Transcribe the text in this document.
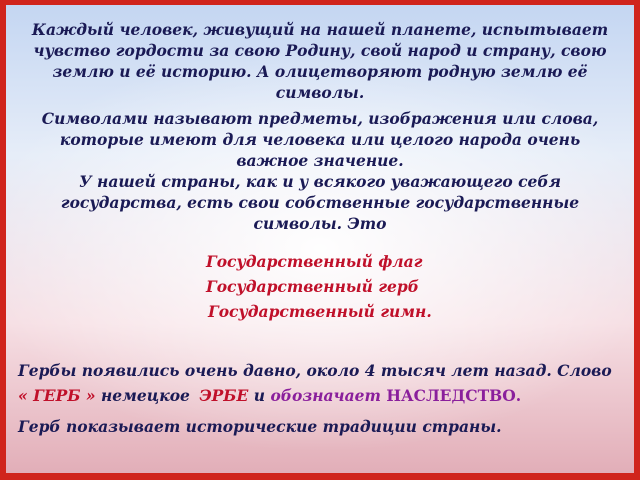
Каждый человек, живущий на нашей планете, испытывает чувство гордости за свою Родину, свой народ и страну, свою землю и её историю. А олицетворяют родную землю её символы.

Символами называют предметы, изображения или слова, которые имеют для человека или целого народа очень важное значение.
У нашей страны, как и у всякого уважающего себя государства, есть свои собственные государственные символы. Это

Государственный флаг
Государственный герб
Государственный гимн.

Гербы появились очень давно, около 4 тысяч лет назад. Слово
« ГЕРБ » немецкое ЭРБЕ и обозначает НАСЛЕДСТВО.

Герб показывает исторические традиции страны.
